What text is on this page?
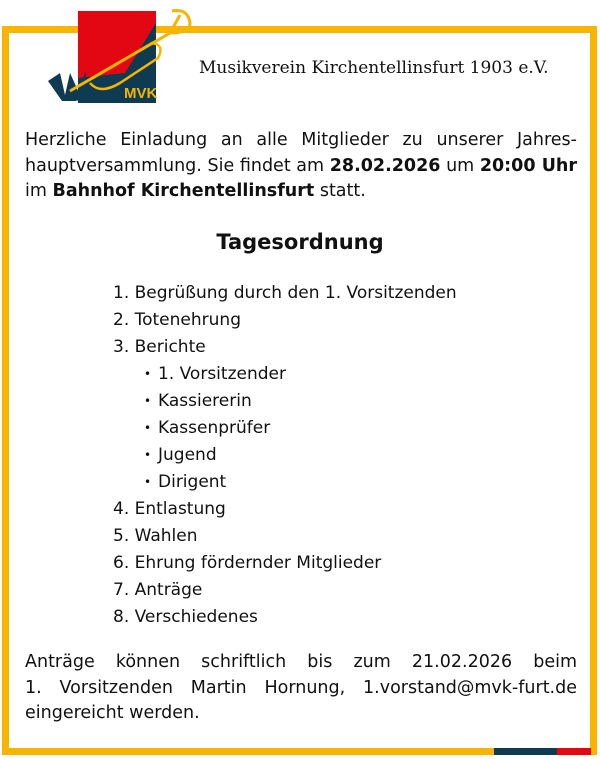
MVK
Musikverein Kirchentellinsfurt 1903 e.V.
Herzliche Einladung an alle Mitglieder zu unserer Jahreshauptversammlung. Sie findet am 28.02.2026 um 20:00 Uhr im Bahnhof Kirchentellinsfurt statt.
Tagesordnung
1. Begrüßung durch den 1. Vorsitzenden
2. Totenehrung
3. Berichte
• 1. Vorsitzender
• Kassiererin
• Kassenprüfer
• Jugend
• Dirigent
4. Entlastung
5. Wahlen
6. Ehrung fördernder Mitglieder
7. Anträge
8. Verschiedenes
Anträge können schriftlich bis zum 21.02.2026 beim
1. Vorsitzenden Martin Hornung, 1.vorstand@mvk-furt.de
eingereicht werden.
